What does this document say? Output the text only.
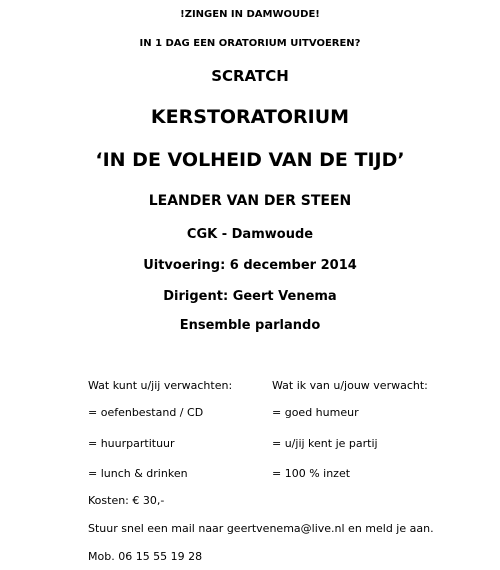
!ZINGEN IN DAMWOUDE!
IN 1 DAG EEN ORATORIUM UITVOEREN?
SCRATCH
KERSTORATORIUM
‘IN DE VOLHEID VAN DE TIJD’
LEANDER VAN DER STEEN
CGK - Damwoude
Uitvoering: 6 december 2014
Dirigent: Geert Venema
Ensemble parlando
Wat kunt u/jij verwachten:	Wat ik van u/jouw verwacht:
= oefenbestand / CD	= goed humeur
= huurpartituur	= u/jij kent je partij
= lunch & drinken	= 100 % inzet
Kosten: € 30,-
Stuur snel een mail naar geertvenema@live.nl en meld je aan.
Mob. 06 15 55 19 28
